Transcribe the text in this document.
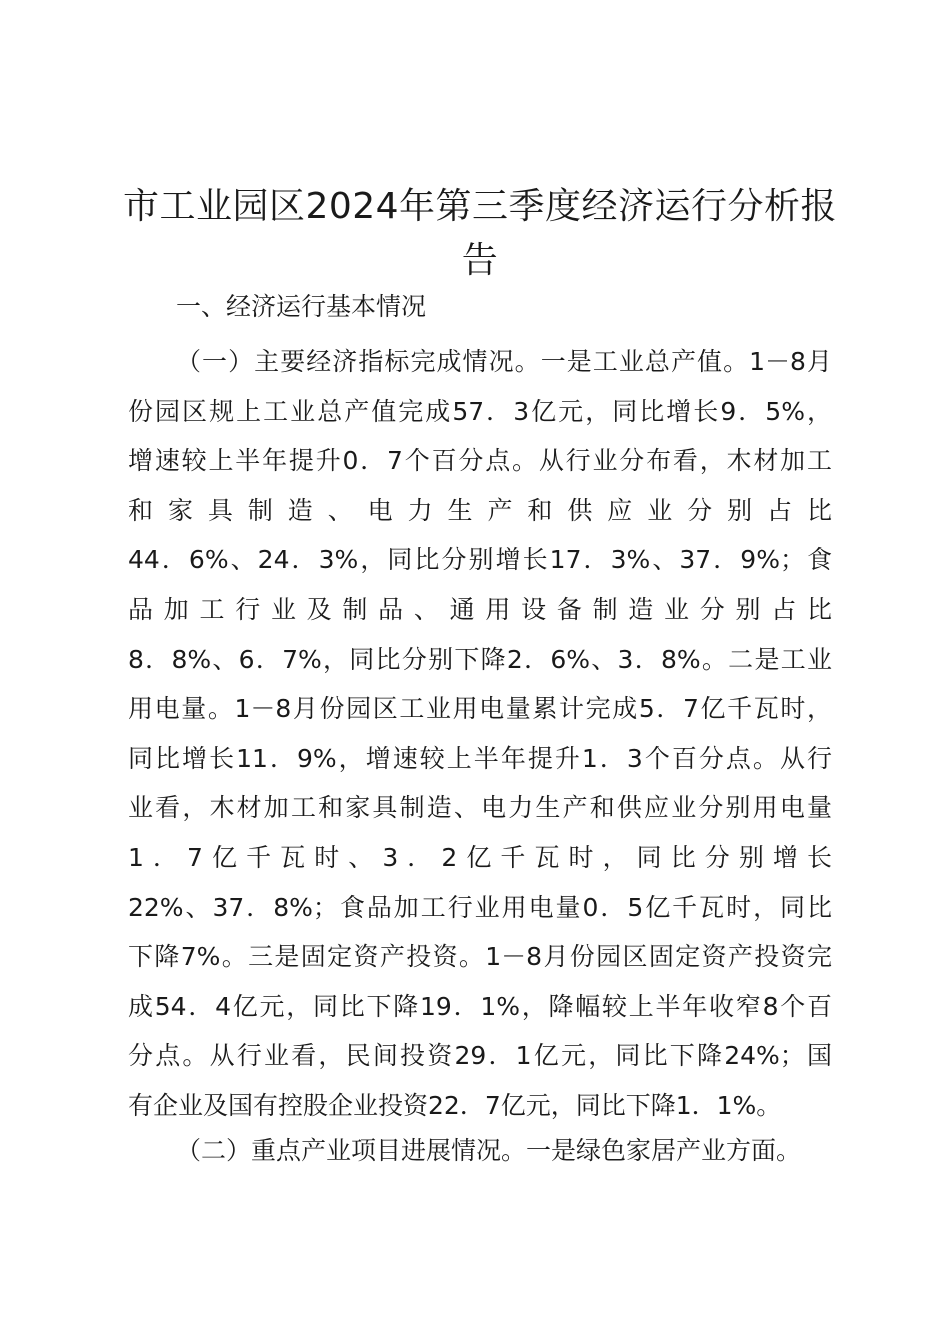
市工业园区2024年第三季度经济运行分析报告
一、经济运行基本情况
（一）主要经济指标完成情况。一是工业总产值。1－8月
份园区规上工业总产值完成57．3亿元，同比增长9．5%，
增速较上半年提升0．7个百分点。从行业分布看，木材加工
和家具制造、电力生产和供应业分别占比
44．6%、24．3%，同比分别增长17．3%、37．9%；食
品加工行业及制品、通用设备制造业分别占比
8．8%、6．7%，同比分别下降2．6%、3．8%。二是工业
用电量。1－8月份园区工业用电量累计完成5．7亿千瓦时，
同比增长11．9%，增速较上半年提升1．3个百分点。从行
业看，木材加工和家具制造、电力生产和供应业分别用电量
1．7亿千瓦时、3．2亿千瓦时，同比分别增长
22%、37．8%；食品加工行业用电量0．5亿千瓦时，同比
下降7%。三是固定资产投资。1－8月份园区固定资产投资完
成54．4亿元，同比下降19．1%，降幅较上半年收窄8个百
分点。从行业看，民间投资29．1亿元，同比下降24%；国
有企业及国有控股企业投资22．7亿元，同比下降1．1%。
（二）重点产业项目进展情况。一是绿色家居产业方面。
